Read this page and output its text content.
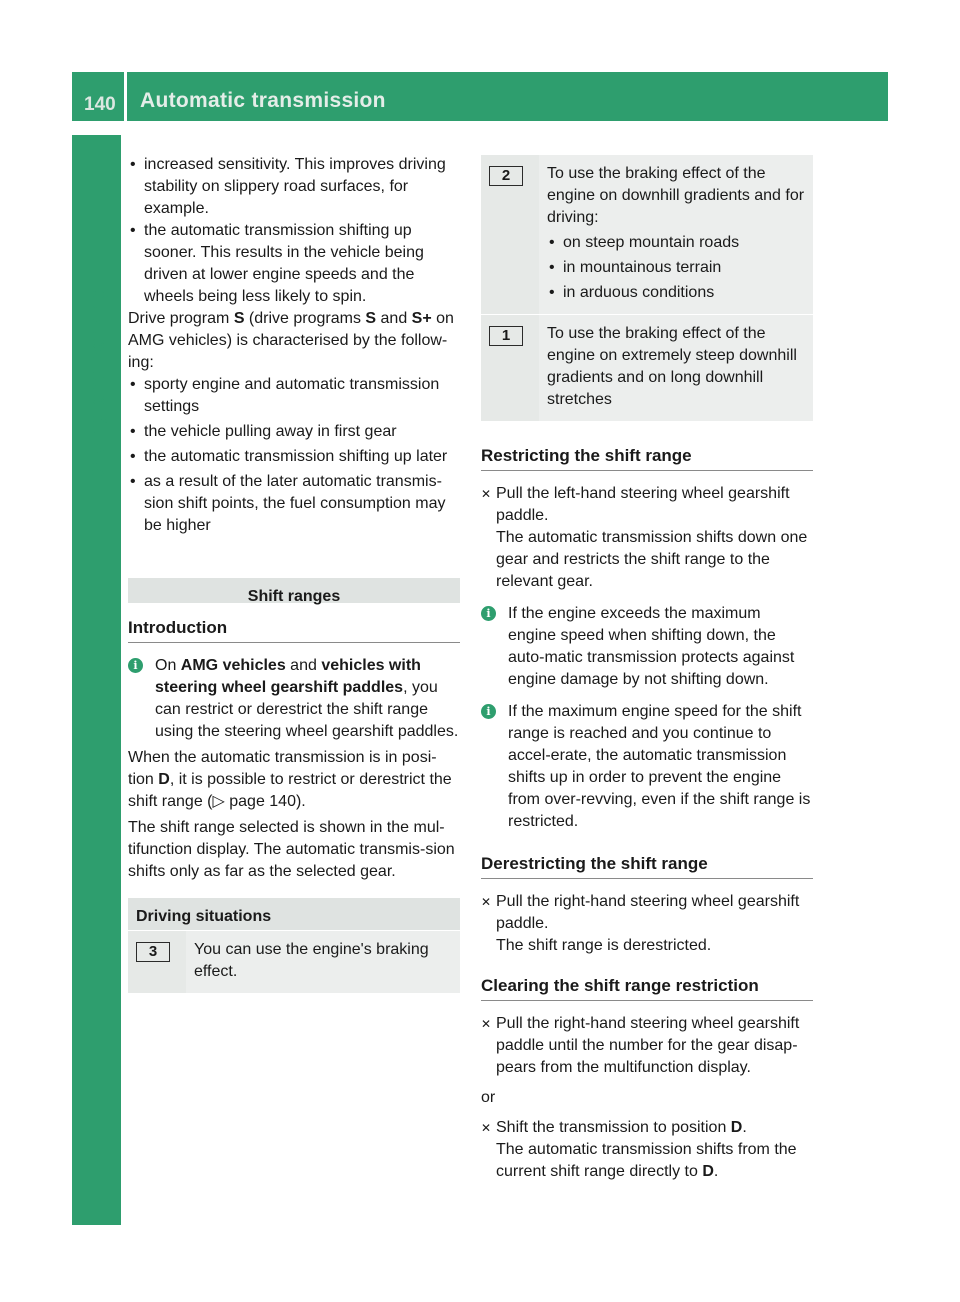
140 Automatic transmission
Driving and parking

• increased sensitivity. This improves driving stability on slippery road surfaces, for example.

• the automatic transmission shifting up sooner. This results in the vehicle being driven at lower engine speeds and the wheels being less likely to spin.

Drive program S (drive programs S and S+ on AMG vehicles) is characterised by the follow-ing:

• sporty engine and automatic transmission settings

• the vehicle pulling away in first gear

• the automatic transmission shifting up later

• as a result of the later automatic transmis-sion shift points, the fuel consumption may be higher

Shift ranges
Introduction
i	On AMG vehicles and vehicles with steering wheel gearshift paddles, you can restrict or derestrict the shift range using the steering wheel gearshift paddles.

When the automatic transmission is in posi-tion D, it is possible to restrict or derestrict the shift range (▷ page 140).

The shift range selected is shown in the mul-tifunction display. The automatic transmis-sion shifts only as far as the selected gear.

Driving situations
3	You can use the engine's braking effect.
2	To use the braking effect of the engine on downhill gradients and for driving:

• on steep mountain roads

• in mountainous terrain

• in arduous conditions

1	To use the braking effect of the engine on extremely steep downhill gradients and on long downhill stretches
Restricting the shift range

✕ Pull the left-hand steering wheel gearshift paddle.

The automatic transmission shifts down one gear and restricts the shift range to the relevant gear.

i	If the engine exceeds the maximum engine speed when shifting down, the auto-matic transmission protects against engine damage by not shifting down.
i	If the maximum engine speed for the shift range is reached and you continue to accel-erate, the automatic transmission shifts up in order to prevent the engine from over-revving, even if the shift range is restricted.
Derestricting the shift range

✕ Pull the right-hand steering wheel gearshift paddle.

The shift range is derestricted.

Clearing the shift range restriction

✕ Pull the right-hand steering wheel gearshift paddle until the number for the gear disap-pears from the multifunction display.

or

✕ Shift the transmission to position D.

The automatic transmission shifts from the current shift range directly to D.
